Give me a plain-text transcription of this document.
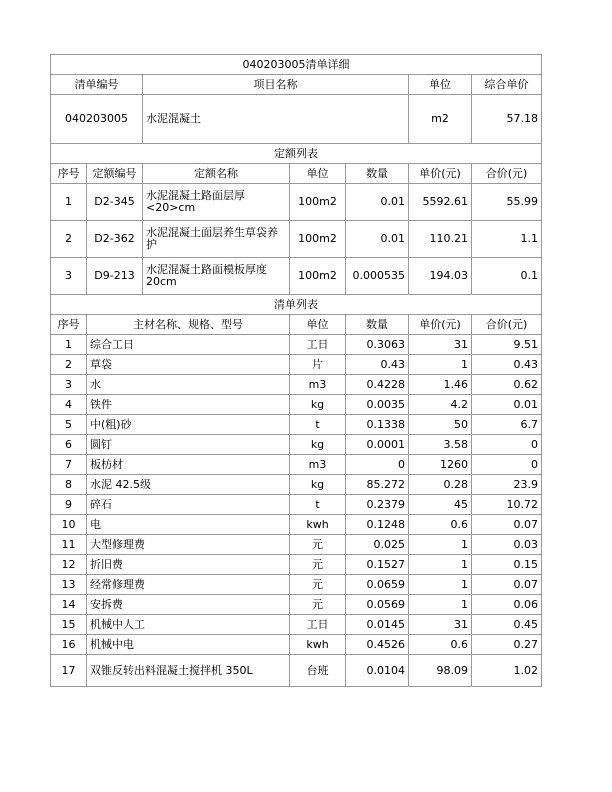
040203005清单详细						
清单编号		项目名称			单位	综合单价
040203005		水泥混凝土			m2	57.18
定额列表						
序号	定额编号	定额名称	单位	数量	单价(元)	合价(元)
1	D2-345	水泥混凝土路面层厚<20>cm	100m2	0.01	5592.61	55.99
2	D2-362	水泥混凝土面层养生草袋养护	100m2	0.01	110.21	1.1
3	D9-213	水泥混凝土路面模板厚度20cm	100m2	0.000535	194.03	0.1
清单列表						
序号	主材名称、规格、型号		单位	数量	单价(元)	合价(元)
1	综合工日		工日	0.3063	31	9.51
2	草袋		片	0.43	1	0.43
3	水		m3	0.4228	1.46	0.62
4	铁件		kg	0.0035	4.2	0.01
5	中(粗)砂		t	0.1338	50	6.7
6	圆钉		kg	0.0001	3.58	0
7	板枋材		m3	0	1260	0
8	水泥 42.5级		kg	85.272	0.28	23.9
9	碎石		t	0.2379	45	10.72
10	电		kwh	0.1248	0.6	0.07
11	大型修理费		元	0.025	1	0.03
12	折旧费		元	0.1527	1	0.15
13	经常修理费		元	0.0659	1	0.07
14	安拆费		元	0.0569	1	0.06
15	机械中人工		工日	0.0145	31	0.45
16	机械中电		kwh	0.4526	0.6	0.27
17	双锥反转出料混凝土搅拌机 350L		台班	0.0104	98.09	1.02
